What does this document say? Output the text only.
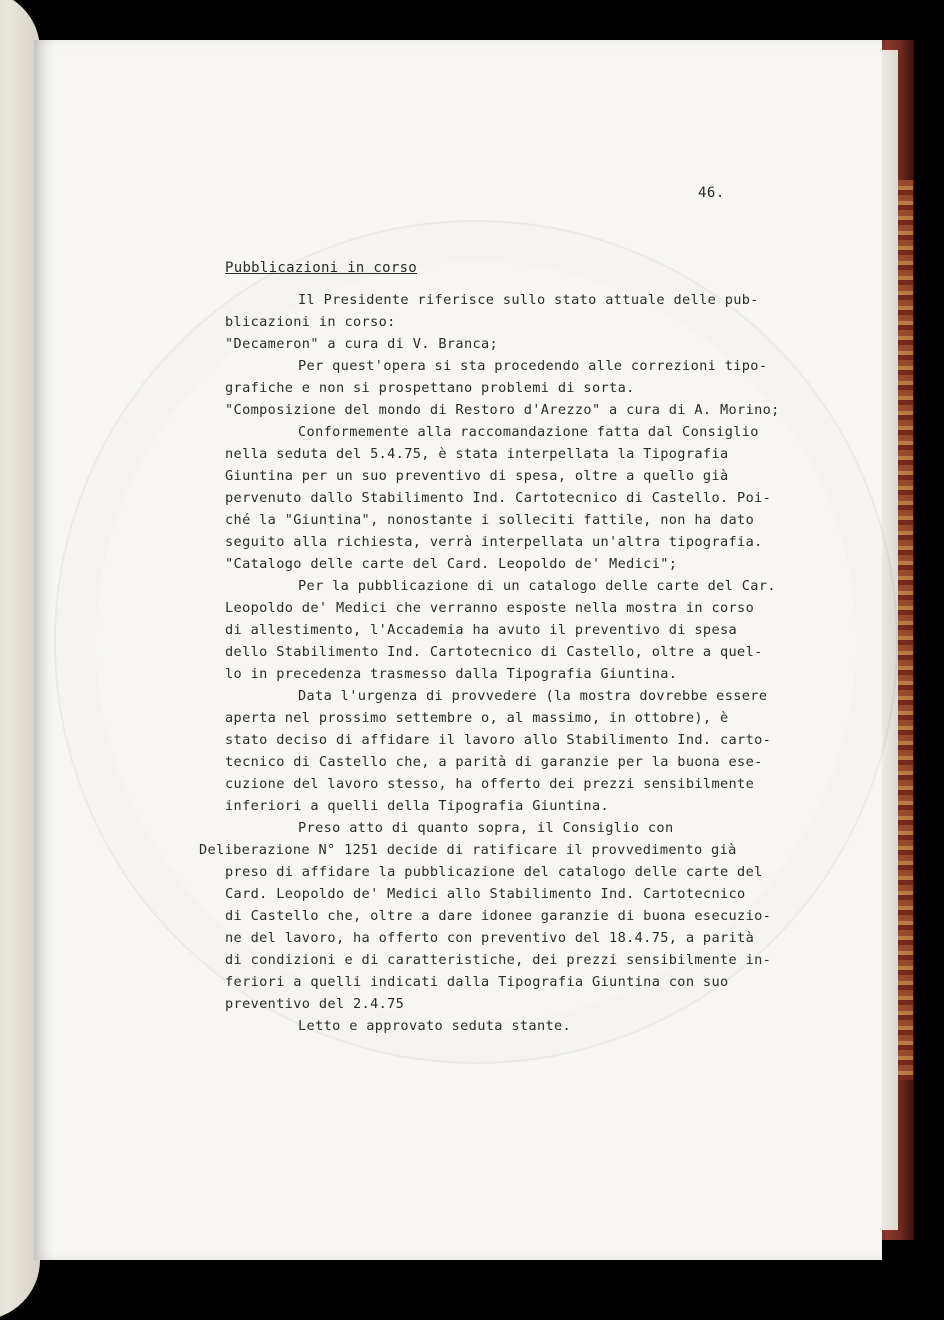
46.
Pubblicazioni in corso
Il Presidente riferisce sullo stato attuale delle pub-
blicazioni in corso:
"Decameron" a cura di V. Branca;
Per quest'opera si sta procedendo alle correzioni tipo-
grafiche e non si prospettano problemi di sorta.
"Composizione del mondo di Restoro d'Arezzo" a cura di A. Morino;
Conformemente alla raccomandazione fatta dal Consiglio
nella seduta del 5.4.75, è stata interpellata la Tipografia
Giuntina per un suo preventivo di spesa, oltre a quello già
pervenuto dallo Stabilimento Ind. Cartotecnico di Castello. Poi-
ché la "Giuntina", nonostante i solleciti fattile, non ha dato
seguito alla richiesta, verrà interpellata un'altra tipografia.
"Catalogo delle carte del Card. Leopoldo de' Medici";
Per la pubblicazione di un catalogo delle carte del Car.
Leopoldo de' Medici che verranno esposte nella mostra in corso
di allestimento, l'Accademia ha avuto il preventivo di spesa
dello Stabilimento Ind. Cartotecnico di Castello, oltre a quel-
lo in precedenza trasmesso dalla Tipografia Giuntina.
Data l'urgenza di provvedere (la mostra dovrebbe essere
aperta nel prossimo settembre o, al massimo, in ottobre), è
stato deciso di affidare il lavoro allo Stabilimento Ind. carto-
tecnico di Castello che, a parità di garanzie per la buona ese-
cuzione del lavoro stesso, ha offerto dei prezzi sensibilmente
inferiori a quelli della Tipografia Giuntina.
Preso atto di quanto sopra, il Consiglio con
Deliberazione N° 1251 decide di ratificare il provvedimento già
preso di affidare la pubblicazione del catalogo delle carte del
Card. Leopoldo de' Medici allo Stabilimento Ind. Cartotecnico
di Castello che, oltre a dare idonee garanzie di buona esecuzio-
ne del lavoro, ha offerto con preventivo del 18.4.75, a parità
di condizioni e di caratteristiche, dei prezzi sensibilmente in-
feriori a quelli indicati dalla Tipografia Giuntina con suo
preventivo del 2.4.75
Letto e approvato seduta stante.
